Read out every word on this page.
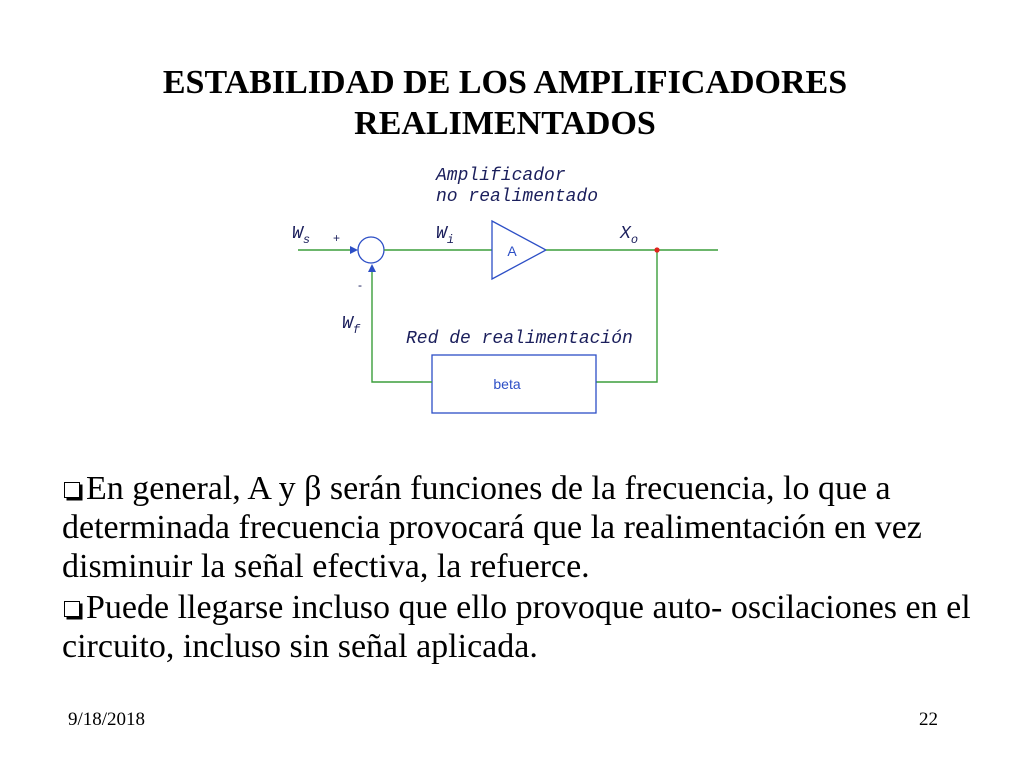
Amplificador
no realimentado
Red de realimentación
$W_s$	$W_i$	$X_o$
$W_f$
+
-
A
beta
ESTABILIDAD DE LOS AMPLIFICADORES
REALIMENTADOS

En general, A y β serán funciones de la frecuencia, lo que a determinada frecuencia provocará que la realimentación en vez disminuir la señal efectiva, la refuerce.

Puede llegarse incluso que ello provoque auto- oscilaciones en el circuito, incluso sin señal aplicada.

9/18/2018	22
